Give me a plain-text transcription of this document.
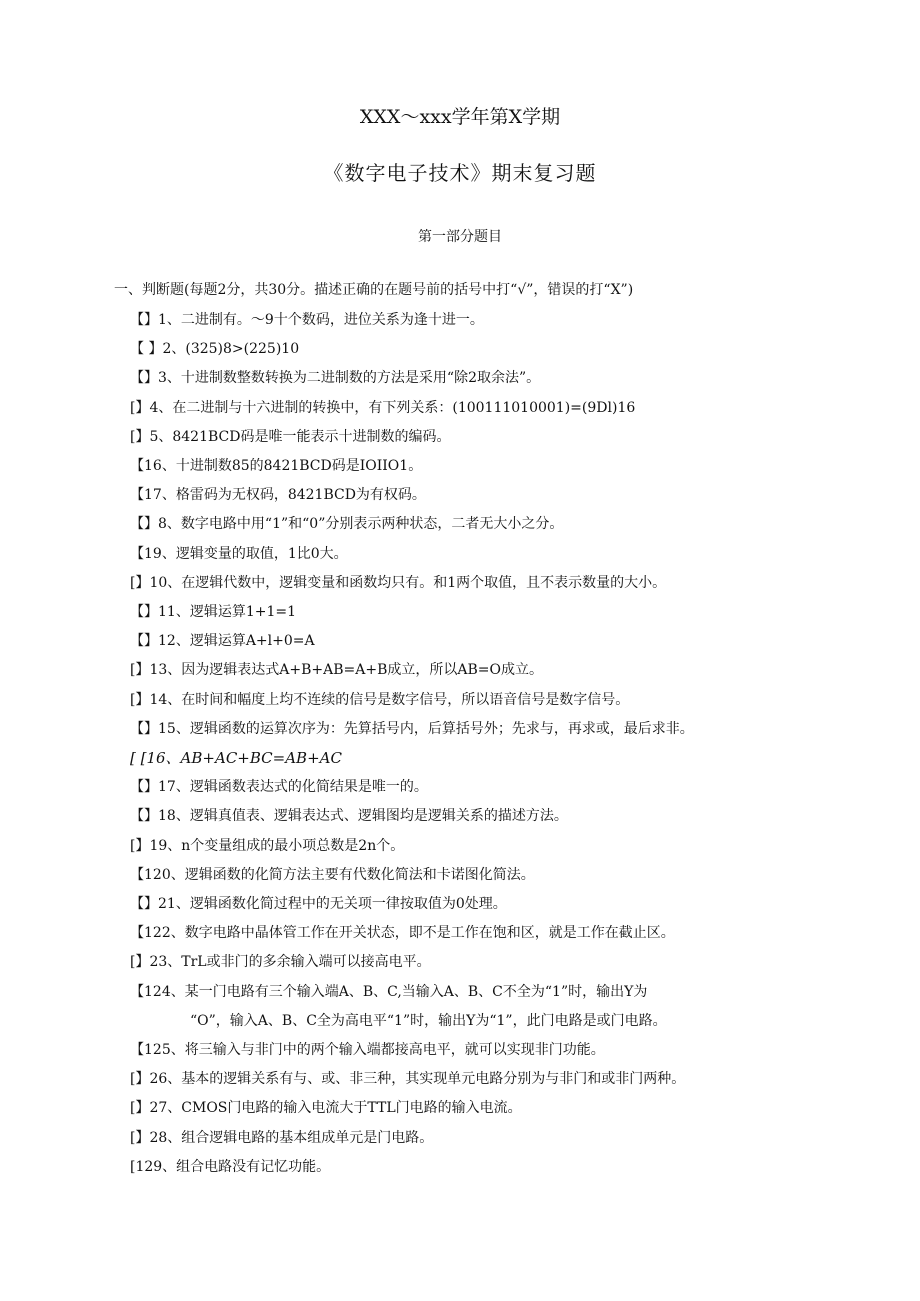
XXX〜xxx学年第X学期
《数字电子技术》期末复习题
第一部分题目
一、判断题(每题2分，共30分。描述正确的在题号前的括号中打“√”，错误的打“X”)
【】1、二进制有。〜9十个数码，进位关系为逢十进一。
【 】2、(325)8>(225)10
【】3、十进制数整数转换为二进制数的方法是采用“除2取余法”。
[】4、在二进制与十六进制的转换中，有下列关系：(100111010001)=(9Dl)16
[】5、8421BCD码是唯一能表示十进制数的编码。
【16、十进制数85的8421BCD码是IOIIO1。
【17、格雷码为无权码，8421BCD为有权码。
【】8、数字电路中用“1”和“0”分别表示两种状态，二者无大小之分。
【19、逻辑变量的取值，1比0大。
[】10、在逻辑代数中，逻辑变量和函数均只有。和1两个取值，且不表示数量的大小。
【】11、逻辑运算1+1=1
【】12、逻辑运算A+l+0=A
[】13、因为逻辑表达式A+B+AB=A+B成立，所以AB=O成立。
[】14、在时间和幅度上均不连续的信号是数字信号，所以语音信号是数字信号。
【】15、逻辑函数的运算次序为：先算括号内，后算括号外；先求与，再求或，最后求非。
[ [16、AB+AC+BC=AB+AC
【】17、逻辑函数表达式的化简结果是唯一的。
【】18、逻辑真值表、逻辑表达式、逻辑图均是逻辑关系的描述方法。
[】19、n个变量组成的最小项总数是2n个。
【120、逻辑函数的化简方法主要有代数化简法和卡诺图化简法。
【】21、逻辑函数化简过程中的无关项一律按取值为0处理。
【122、数字电路中晶体管工作在开关状态，即不是工作在饱和区，就是工作在截止区。
[】23、TrL或非门的多余输入端可以接高电平。
【124、某一门电路有三个输入端A、B、C,当输入A、B、C不全为“1”时，输出Y为
“O”，输入A、B、C全为高电平“1”时，输出Y为“1”，此门电路是或门电路。
【125、将三输入与非门中的两个输入端都接高电平，就可以实现非门功能。
[】26、基本的逻辑关系有与、或、非三种，其实现单元电路分别为与非门和或非门两种。
[】27、CMOS门电路的输入电流大于TTL门电路的输入电流。
[】28、组合逻辑电路的基本组成单元是门电路。
[129、组合电路没有记忆功能。
